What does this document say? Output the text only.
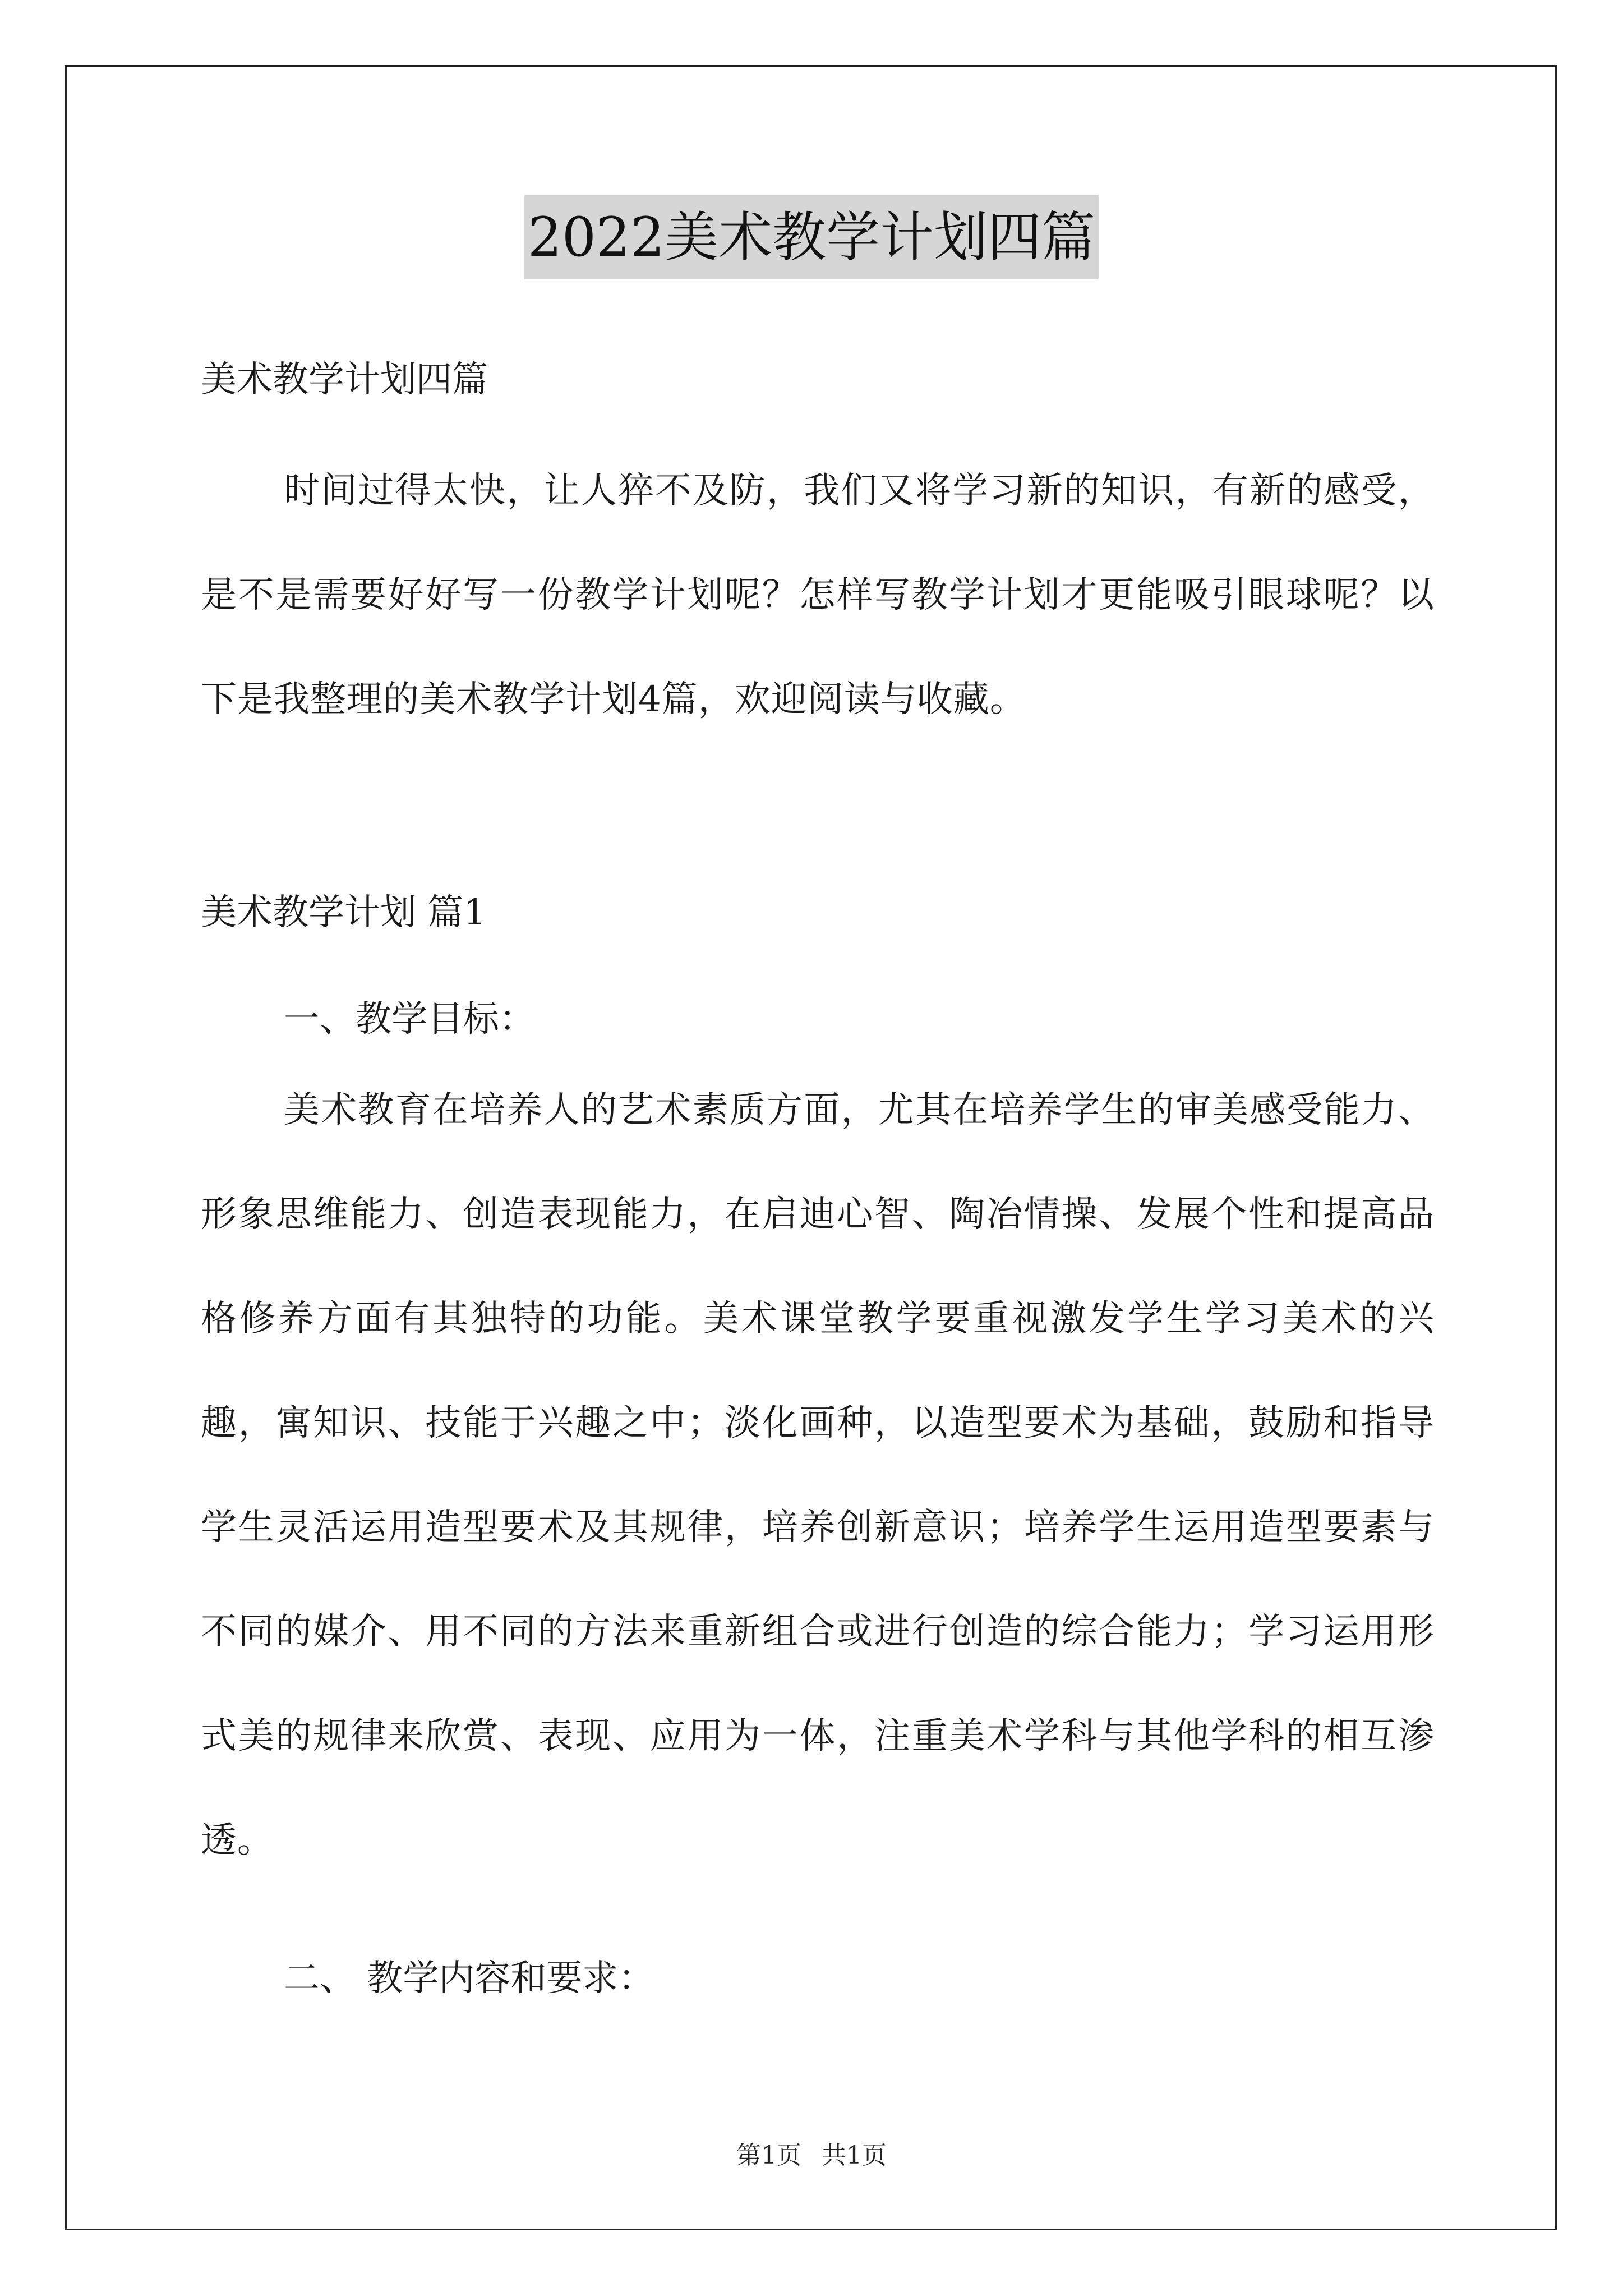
2022美术教学计划四篇
美术教学计划四篇
时间过得太快，让人猝不及防，我们又将学习新的知识，有新的感受，是不是需要好好写一份教学计划呢？怎样写教学计划才更能吸引眼球呢？以下是我整理的美术教学计划4篇，欢迎阅读与收藏。
美术教学计划 篇1
一、教学目标：
美术教育在培养人的艺术素质方面，尤其在培养学生的审美感受能力、形象思维能力、创造表现能力，在启迪心智、陶冶情操、发展个性和提高品格修养方面有其独特的功能。美术课堂教学要重视激发学生学习美术的兴趣，寓知识、技能于兴趣之中；淡化画种，以造型要术为基础，鼓励和指导学生灵活运用造型要术及其规律，培养创新意识；培养学生运用造型要素与不同的媒介、用不同的方法来重新组合或进行创造的综合能力；学习运用形式美的规律来欣赏、表现、应用为一体，注重美术学科与其他学科的相互渗透。
二、 教学内容和要求：
第1页 共1页
